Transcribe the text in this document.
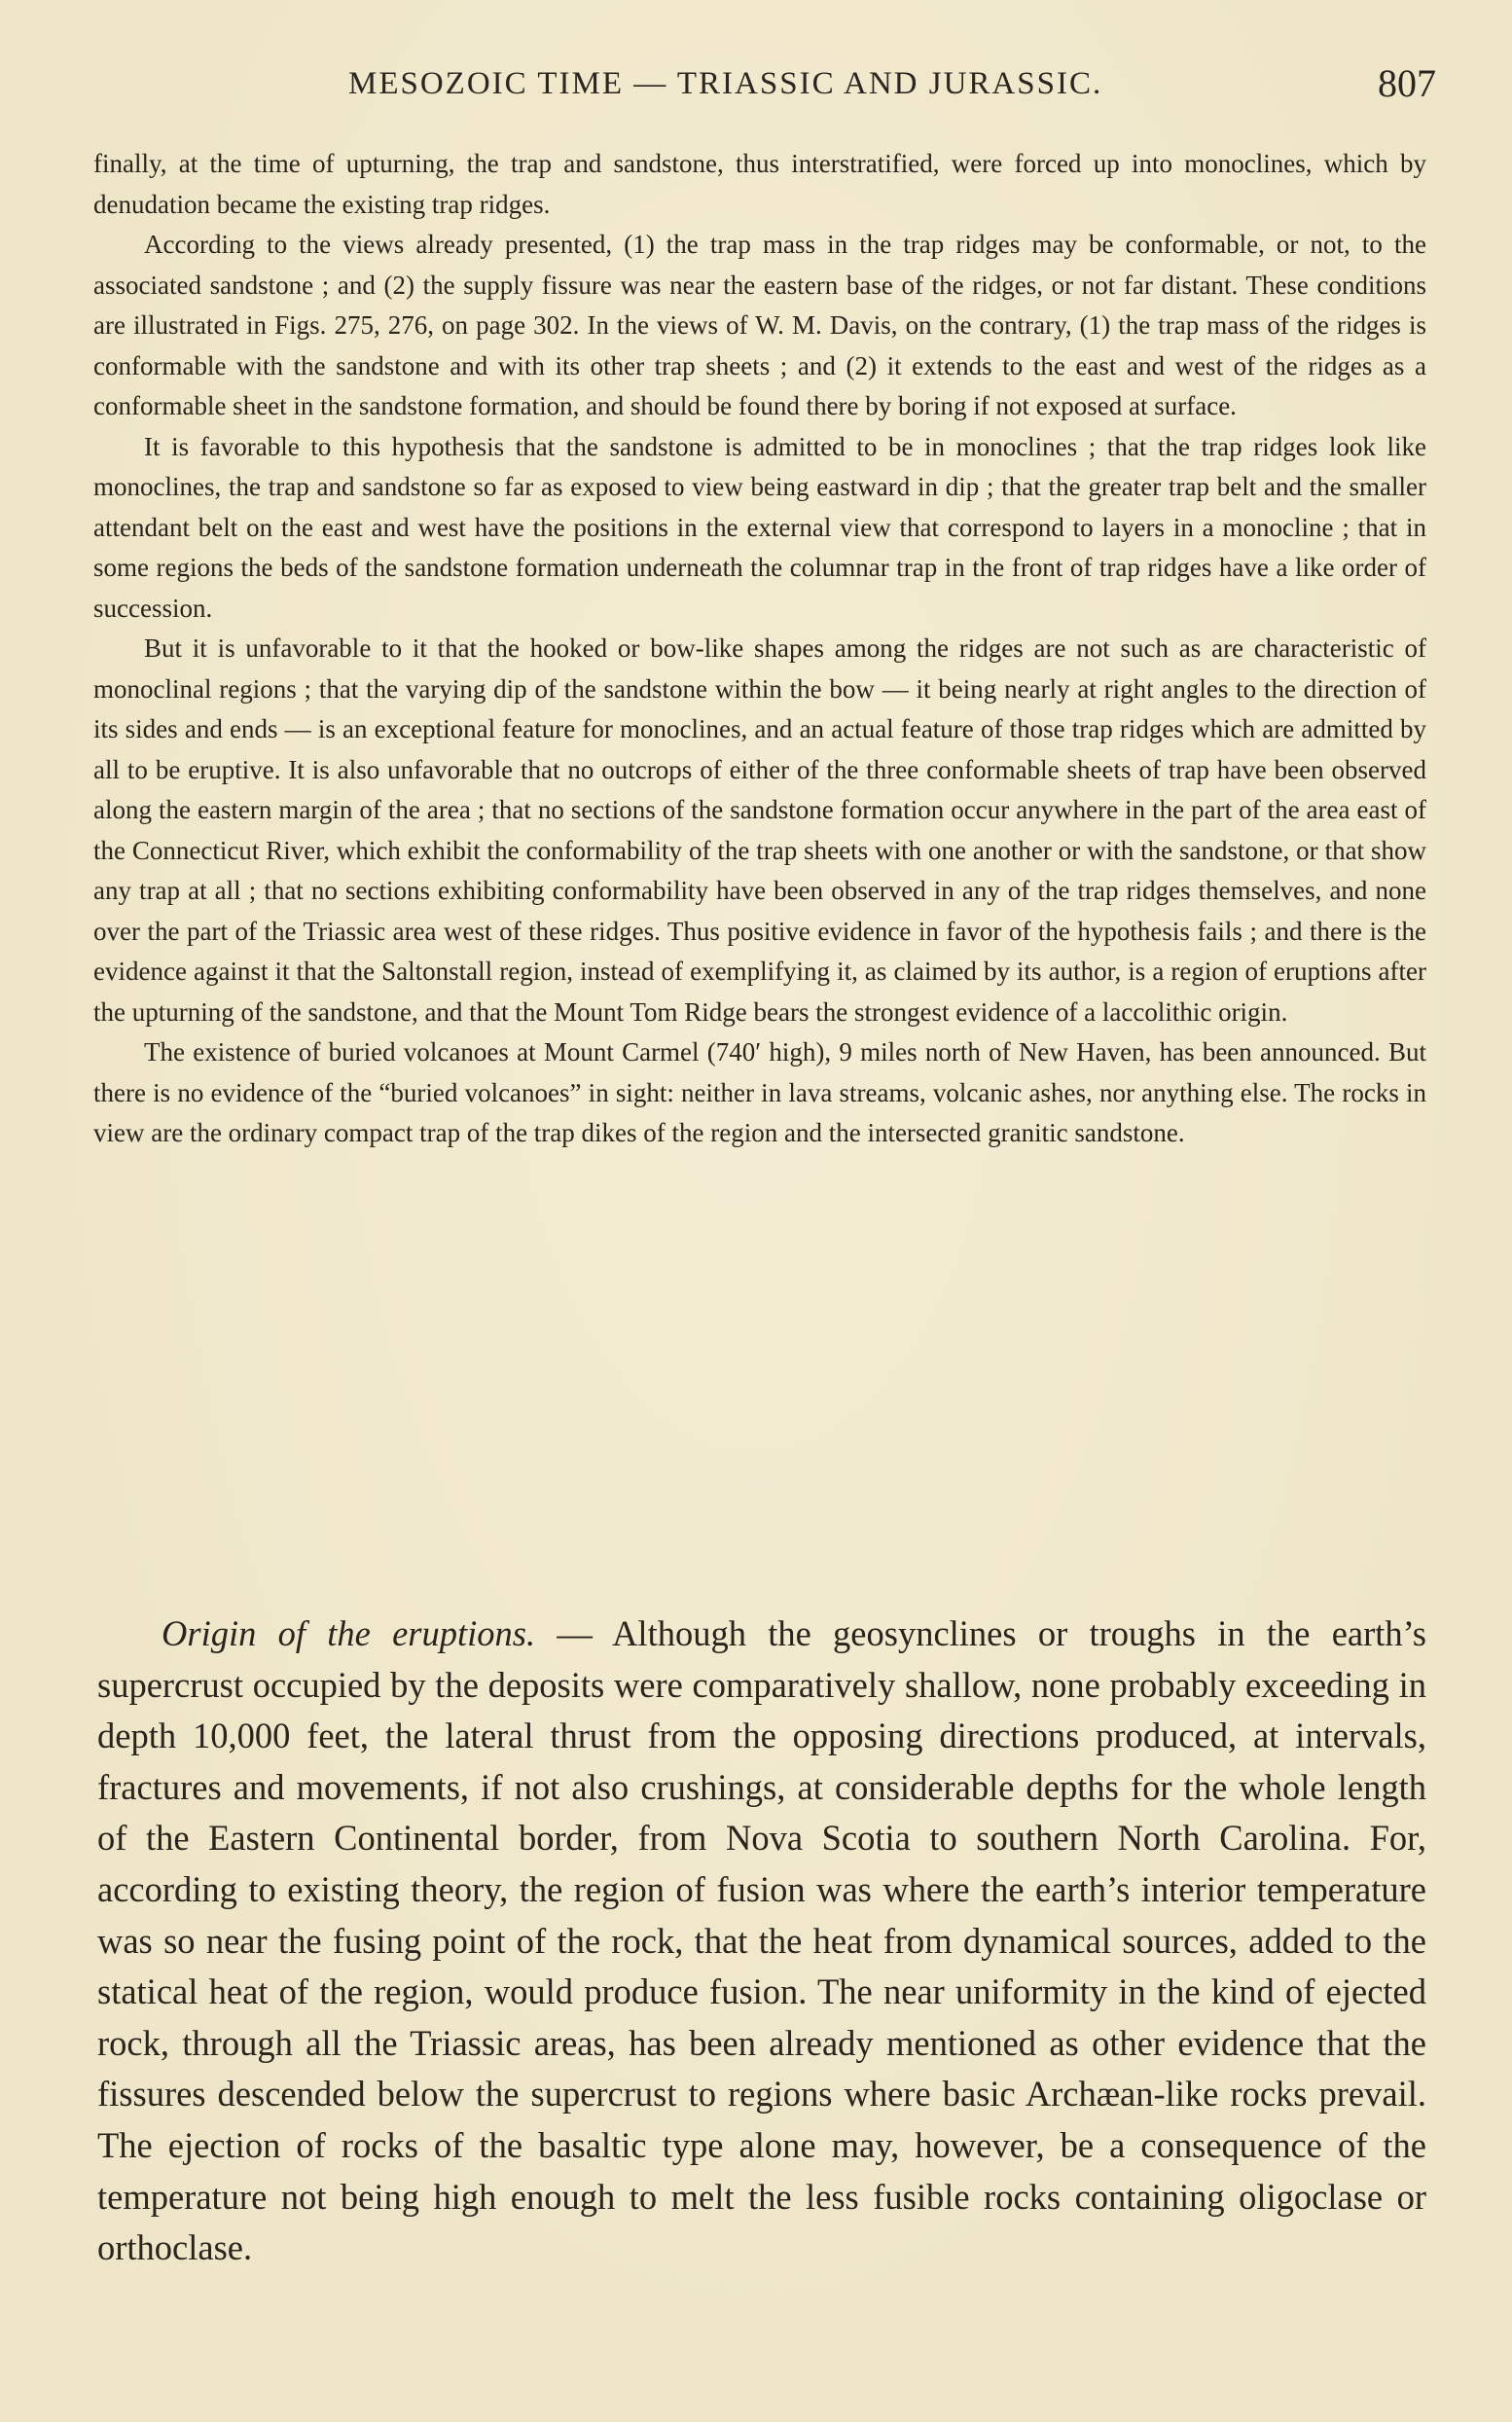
MESOZOIC TIME — TRIASSIC AND JURASSIC.	807

finally, at the time of upturning, the trap and sandstone, thus interstratified, were forced up into monoclines, which by denudation became the existing trap ridges.

According to the views already presented, (1) the trap mass in the trap ridges may be conformable, or not, to the associated sandstone ; and (2) the supply fissure was near the eastern base of the ridges, or not far distant. These conditions are illustrated in Figs. 275, 276, on page 302. In the views of W. M. Davis, on the contrary, (1) the trap mass of the ridges is conformable with the sandstone and with its other trap sheets ; and (2) it extends to the east and west of the ridges as a conformable sheet in the sandstone formation, and should be found there by boring if not exposed at surface.

It is favorable to this hypothesis that the sandstone is admitted to be in monoclines ; that the trap ridges look like monoclines, the trap and sandstone so far as exposed to view being eastward in dip ; that the greater trap belt and the smaller attendant belt on the east and west have the positions in the external view that correspond to layers in a monocline ; that in some regions the beds of the sandstone formation underneath the columnar trap in the front of trap ridges have a like order of succession.

But it is unfavorable to it that the hooked or bow-like shapes among the ridges are not such as are characteristic of monoclinal regions ; that the varying dip of the sandstone within the bow — it being nearly at right angles to the direction of its sides and ends — is an exceptional feature for monoclines, and an actual feature of those trap ridges which are admitted by all to be eruptive. It is also unfavorable that no outcrops of either of the three conformable sheets of trap have been observed along the eastern margin of the area ; that no sections of the sandstone formation occur anywhere in the part of the area east of the Connecticut River, which exhibit the conformability of the trap sheets with one another or with the sandstone, or that show any trap at all ; that no sections exhibiting conformability have been observed in any of the trap ridges themselves, and none over the part of the Triassic area west of these ridges. Thus positive evidence in favor of the hypothesis fails ; and there is the evidence against it that the Saltonstall region, instead of exemplifying it, as claimed by its author, is a region of eruptions after the upturning of the sandstone, and that the Mount Tom Ridge bears the strongest evidence of a laccolithic origin.

The existence of buried volcanoes at Mount Carmel (740′ high), 9 miles north of New Haven, has been announced. But there is no evidence of the “buried volcanoes” in sight: neither in lava streams, volcanic ashes, nor anything else. The rocks in view are the ordinary compact trap of the trap dikes of the region and the intersected granitic sandstone.

Origin of the eruptions. — Although the geosynclines or troughs in the earth’s supercrust occupied by the deposits were comparatively shallow, none probably exceeding in depth 10,000 feet, the lateral thrust from the opposing directions produced, at intervals, fractures and movements, if not also crushings, at considerable depths for the whole length of the Eastern Continental border, from Nova Scotia to southern North Carolina. For, according to existing theory, the region of fusion was where the earth’s interior temperature was so near the fusing point of the rock, that the heat from dynamical sources, added to the statical heat of the region, would produce fusion. The near uniformity in the kind of ejected rock, through all the Triassic areas, has been already mentioned as other evidence that the fissures descended below the supercrust to regions where basic Archæan-like rocks prevail. The ejection of rocks of the basaltic type alone may, however, be a consequence of the temperature not being high enough to melt the less fusible rocks containing oligoclase or orthoclase.
